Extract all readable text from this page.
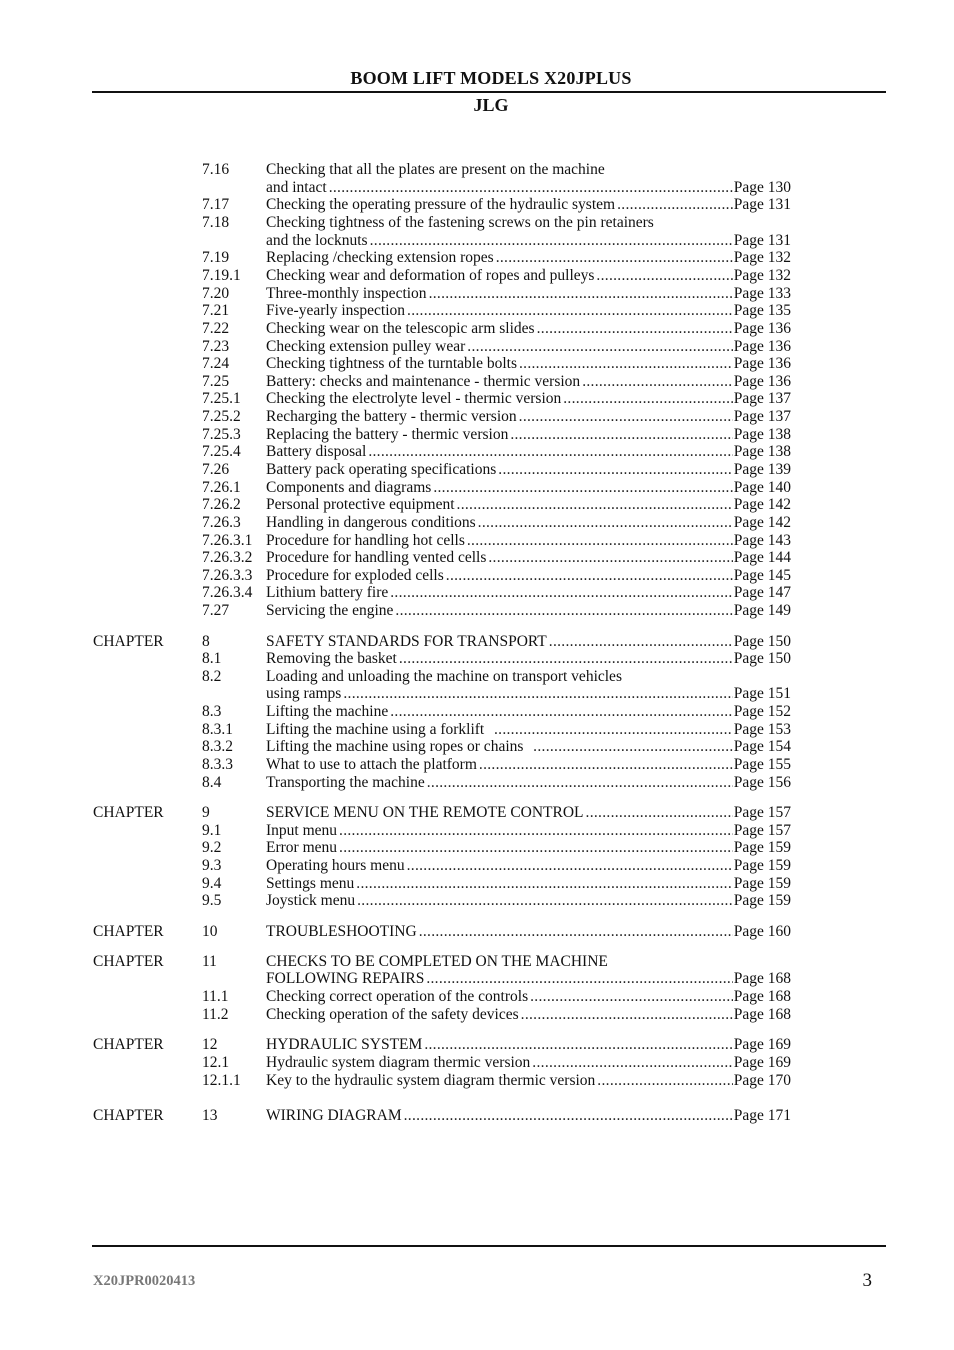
BOOM LIFT MODELS X20JPLUS
JLG
7.16 Checking that all the plates are present on the machine
and intact .....	Page 130
7.17 Checking the operating pressure of the hydraulic system .....	Page 131
7.18 Checking tightness of the fastening screws on the pin retainers
and the locknuts .....	Page 131
7.19 Replacing /checking extension ropes .....	Page 132
7.19.1 Checking wear and deformation of ropes and pulleys .....	Page 132
7.20 Three-monthly inspection .....	Page 133
7.21 Five-yearly inspection .....	Page 135
7.22 Checking wear on the telescopic arm slides .....	Page 136
7.23 Checking extension pulley wear .....	Page 136
7.24 Checking tightness of the turntable bolts .....	Page 136
7.25 Battery: checks and maintenance - thermic version .....	Page 136
7.25.1 Checking the electrolyte level - thermic version .....	Page 137
7.25.2 Recharging the battery - thermic version .....	Page 137
7.25.3 Replacing the battery - thermic version .....	Page 138
7.25.4 Battery disposal .....	Page 138
7.26 Battery pack operating specifications .....	Page 139
7.26.1 Components and diagrams .....	Page 140
7.26.2 Personal protective equipment .....	Page 142
7.26.3 Handling in dangerous conditions .....	Page 142
7.26.3.1 Procedure for handling hot cells .....	Page 143
7.26.3.2 Procedure for handling vented cells .....	Page 144
7.26.3.3 Procedure for exploded cells .....	Page 145
7.26.3.4 Lithium battery fire .....	Page 147
7.27 Servicing the engine .....	Page 149
CHAPTER 8	SAFETY STANDARDS FOR TRANSPORT .....	Page 150
8.1	Removing the basket .....	Page 150
8.2	Loading and unloading the machine on transport vehicles
using ramps .....	Page 151
8.3	Lifting the machine .....	Page 152
8.3.1 Lifting the machine using a forklift .....	Page 153
8.3.2 Lifting the machine using ropes or chains .....	Page 154
8.3.3 What to use to attach the platform .....	Page 155
8.4	Transporting the machine .....	Page 156
CHAPTER 9	SERVICE MENU ON THE REMOTE CONTROL .....	Page 157
9.1	Input menu .....	Page 157
9.2	Error menu .....	Page 159
9.3	Operating hours menu .....	Page 159
9.4	Settings menu .....	Page 159
9.5	Joystick menu .....	Page 159
CHAPTER 10	TROUBLESHOOTING .....	Page 160
CHAPTER 11	CHECKS TO BE COMPLETED ON THE MACHINE
FOLLOWING REPAIRS .....	Page 168
11.1 Checking correct operation of the controls .....	Page 168
11.2 Checking operation of the safety devices .....	Page 168
CHAPTER 12	HYDRAULIC SYSTEM .....	Page 169
12.1 Hydraulic system diagram thermic version .....	Page 169
12.1.1 Key to the hydraulic system diagram thermic version .....	Page 170
CHAPTER 13	WIRING DIAGRAM .....	Page 171
X20JPR0020413	3
